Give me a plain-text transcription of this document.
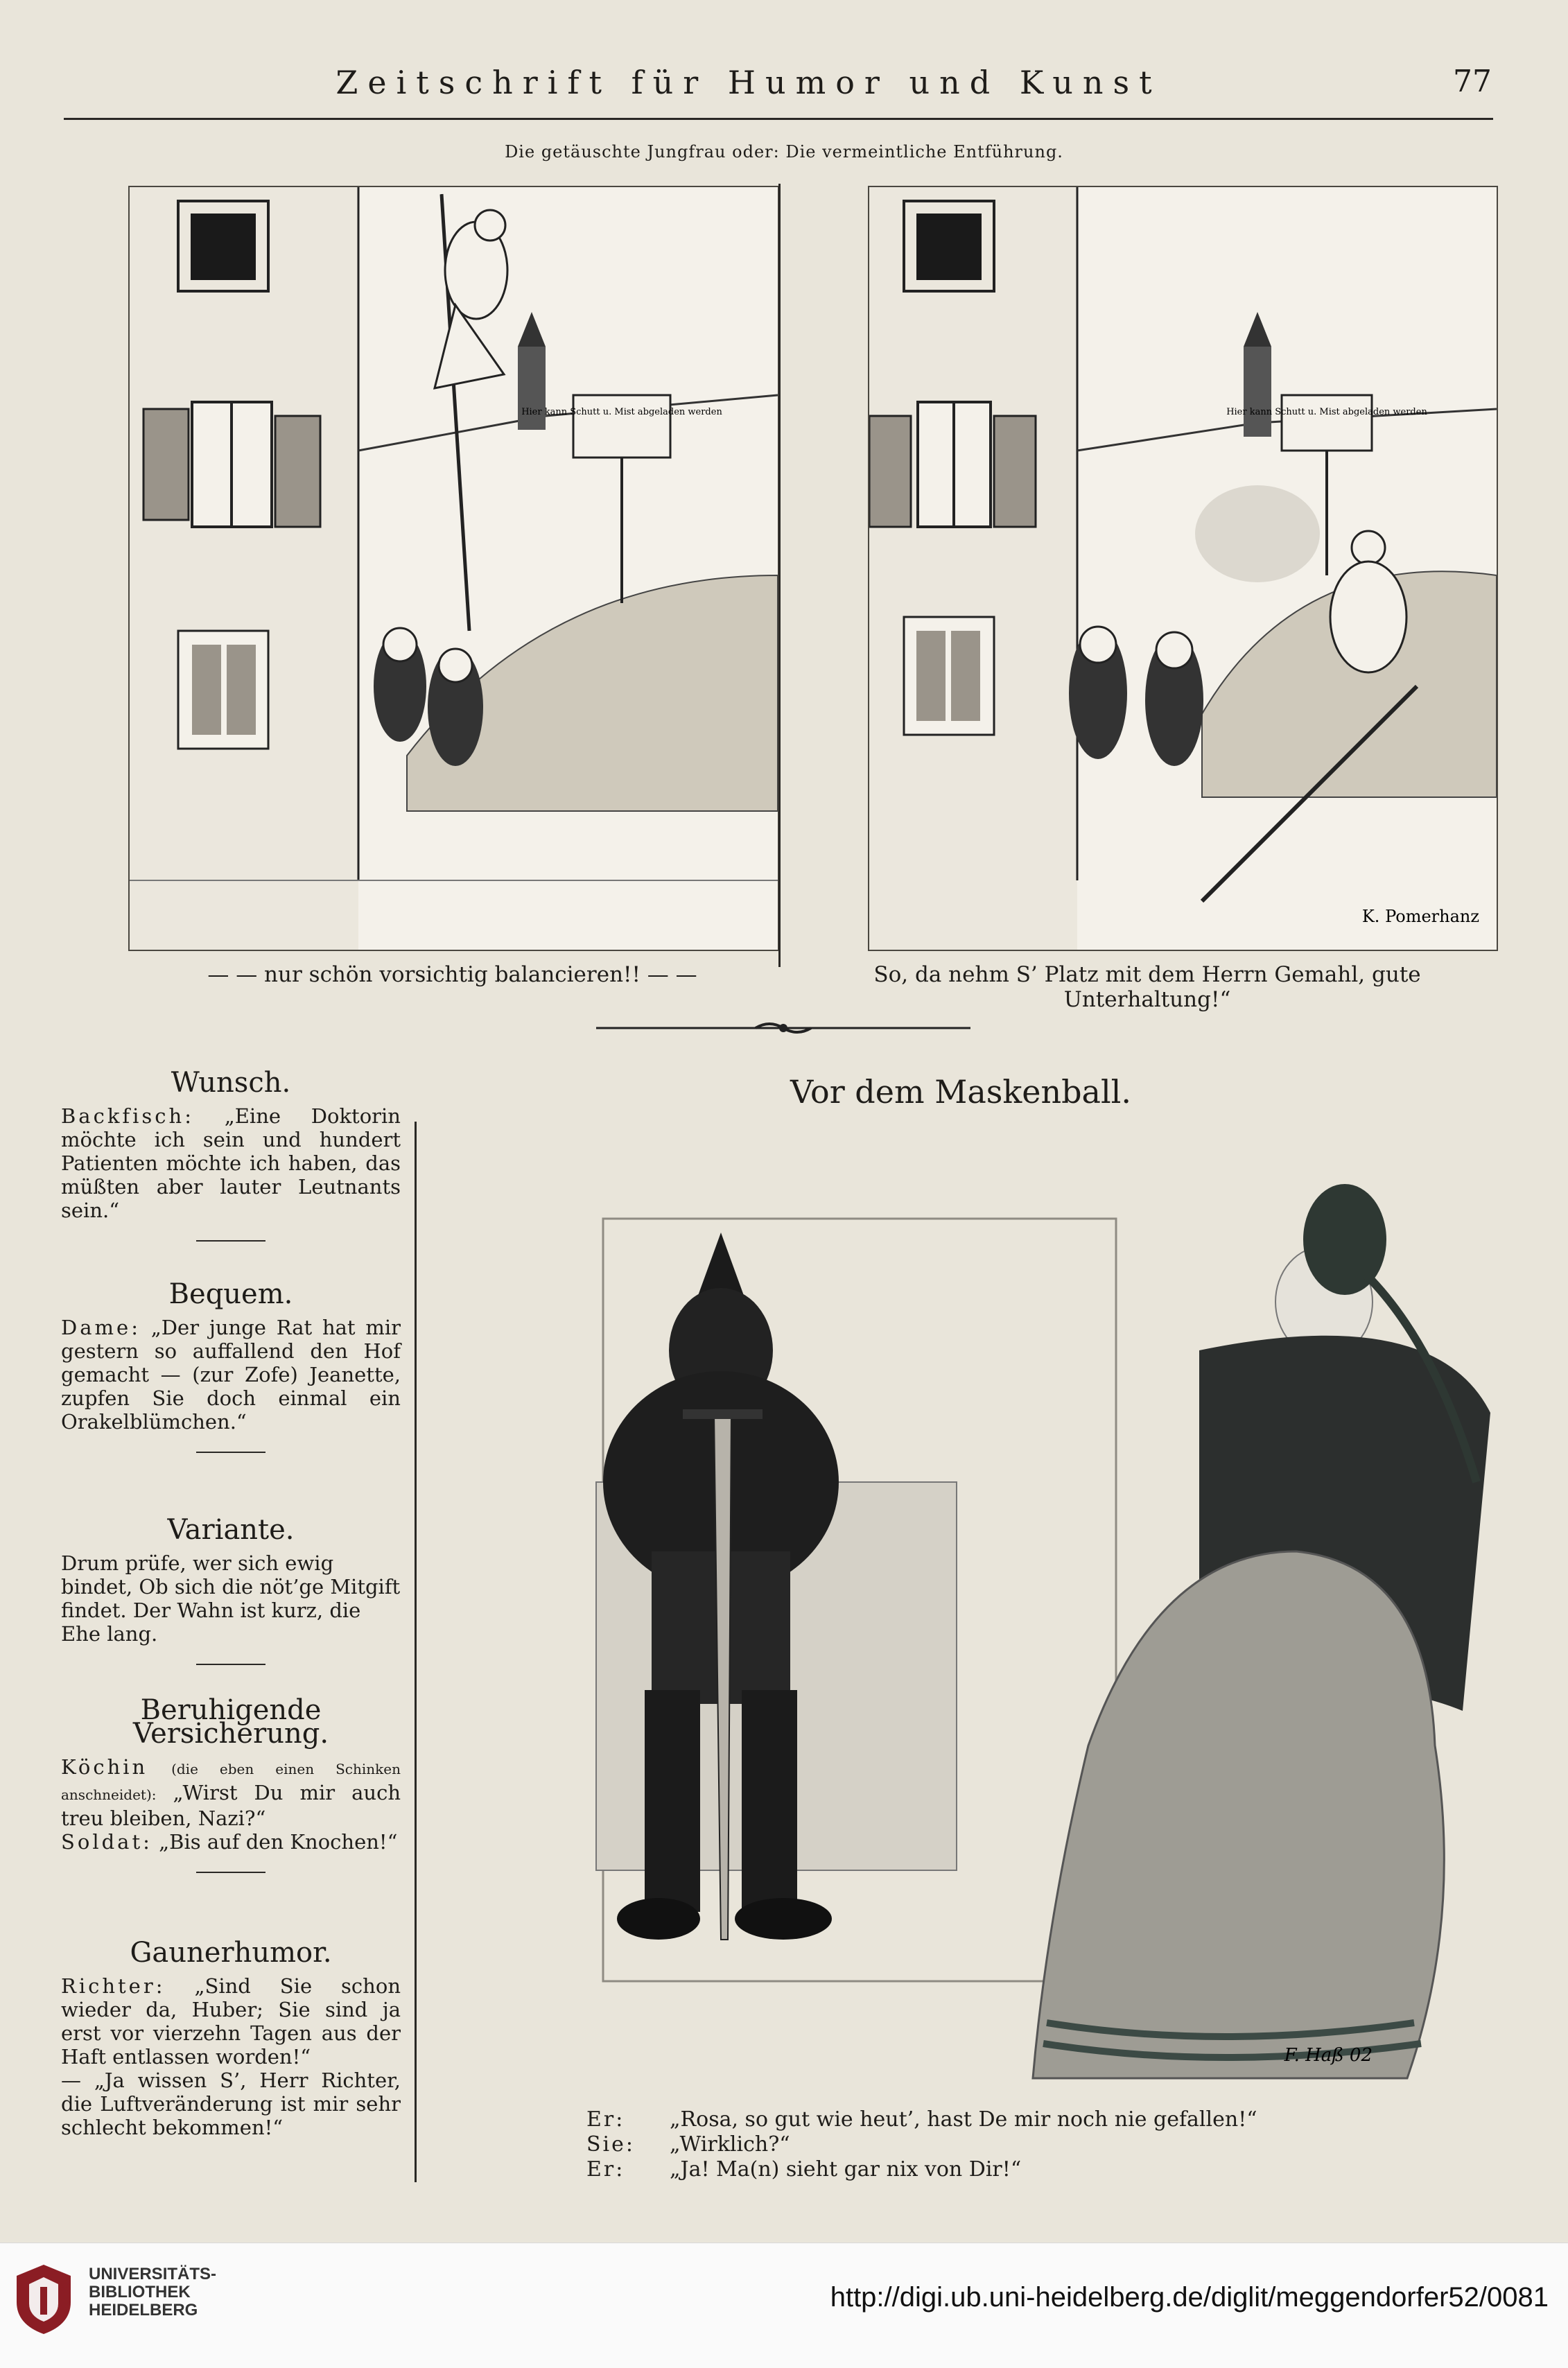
Zeitschrift für Humor und Kunst	77
Die getäuschte Jungfrau oder: Die vermeintliche Entführung.
Hier kann Schutt u. Mist abgeladen werden	Hier kann Schutt u. Mist abgeladen werden
K. Pomerhanz
— — nur schön vorsichtig balancieren!! — —	So, da nehm S’ Platz mit dem Herrn Gemahl, gute Unterhaltung!“
Wunsch.

Backfisch: „Eine Doktorin möchte ich sein und hundert Patienten möchte ich haben, das müßten aber lauter Leutnants sein.“

Bequem.

Dame: „Der junge Rat hat mir gestern so auffallend den Hof gemacht — (zur Zofe) Jeanette, zupfen Sie doch einmal ein Orakelblümchen.“

Variante.

Drum prüfe, wer sich ewig bindet, Ob sich die nöt’ge Mitgift findet. Der Wahn ist kurz, die Ehe lang.

Beruhigende Versicherung.

Köchin (die eben einen Schinken anschneidet): „Wirst Du mir auch treu bleiben, Nazi?“

Soldat: „Bis auf den Knochen!“

Gaunerhumor.

Richter: „Sind Sie schon wieder da, Huber; Sie sind ja erst vor vierzehn Tagen aus der Haft entlassen worden!“

— „Ja wissen S’, Herr Richter, die Luftveränderung ist mir sehr schlecht bekommen!“

Vor dem Maskenball.
F. Haß 02
Er: „Rosa, so gut wie heut’, hast De mir noch nie gefallen!“
Sie: „Wirklich?“
Er: „Ja! Ma(n) sieht gar nix von Dir!“
UNIVERSITÄTS-
BIBLIOTHEK
HEIDELBERG	http://digi.ub.uni-heidelberg.de/diglit/meggendorfer52/0081
